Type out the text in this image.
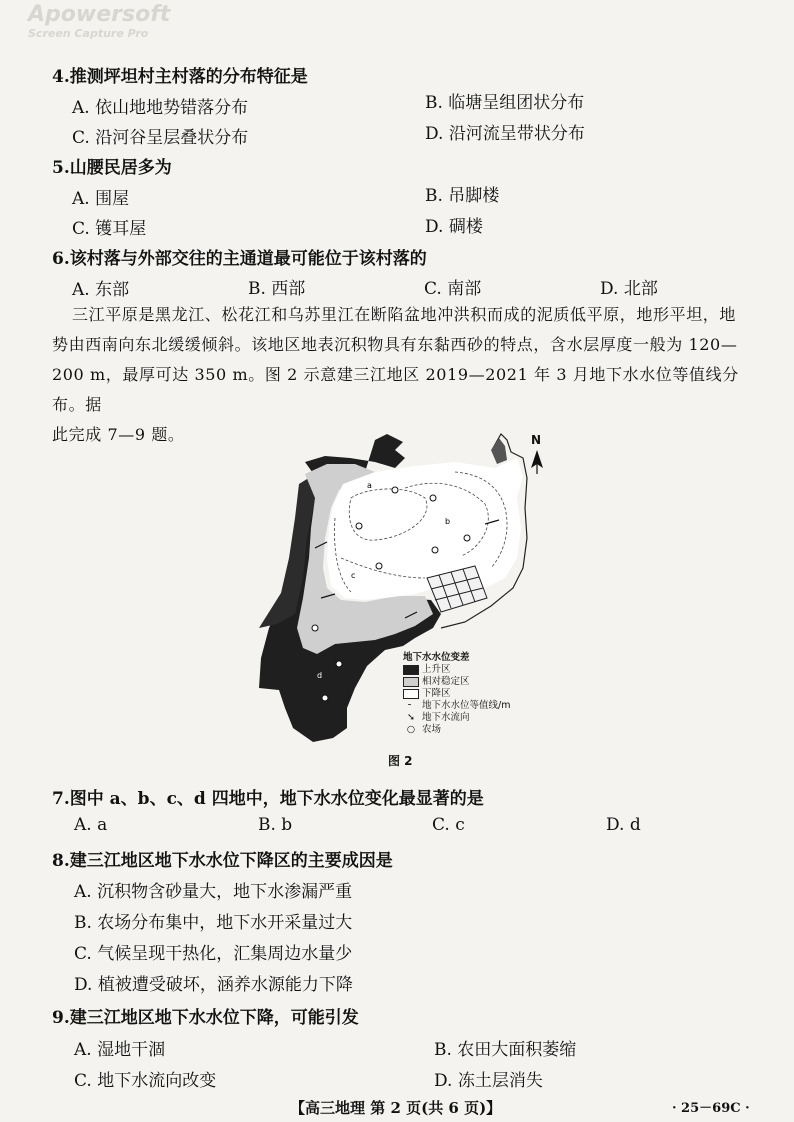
Apowersoft
Screen Capture Pro
4.推测坪坦村主村落的分布特征是
A. 依山地地势错落分布	B. 临塘呈组团状分布
C. 沿河谷呈层叠状分布	D. 沿河流呈带状分布
5.山腰民居多为
A. 围屋	B. 吊脚楼
C. 镬耳屋	D. 碉楼
6.该村落与外部交往的主通道最可能位于该村落的
A. 东部	B. 西部	C. 南部	D. 北部

三江平原是黑龙江、松花江和乌苏里江在断陷盆地冲洪积而成的泥质低平原，地形平坦，地

势由西南向东北缓缓倾斜。该地区地表沉积物具有东黏西砂的特点，含水层厚度一般为 120—

200 m，最厚可达 350 m。图 2 示意建三江地区 2019—2021 年 3 月地下水水位等值线分布。据

此完成 7—9 题。

a
b
c
d
N
地下水水位变差
上升区
相对稳定区
下降区
╴ 地下水水位等值线/m
➘ 地下水流向
○ 农场
图 2
7.图中 a、b、c、d 四地中，地下水水位变化最显著的是
A. a	B. b	C. c	D. d
8.建三江地区地下水水位下降区的主要成因是
A. 沉积物含砂量大，地下水渗漏严重
B. 农场分布集中，地下水开采量过大
C. 气候呈现干热化，汇集周边水量少
D. 植被遭受破坏，涵养水源能力下降
9.建三江地区地下水水位下降，可能引发
A. 湿地干涸	B. 农田大面积萎缩
C. 地下水流向改变	D. 冻土层消失
【高三地理 第 2 页(共 6 页)】	· 25－69C ·
